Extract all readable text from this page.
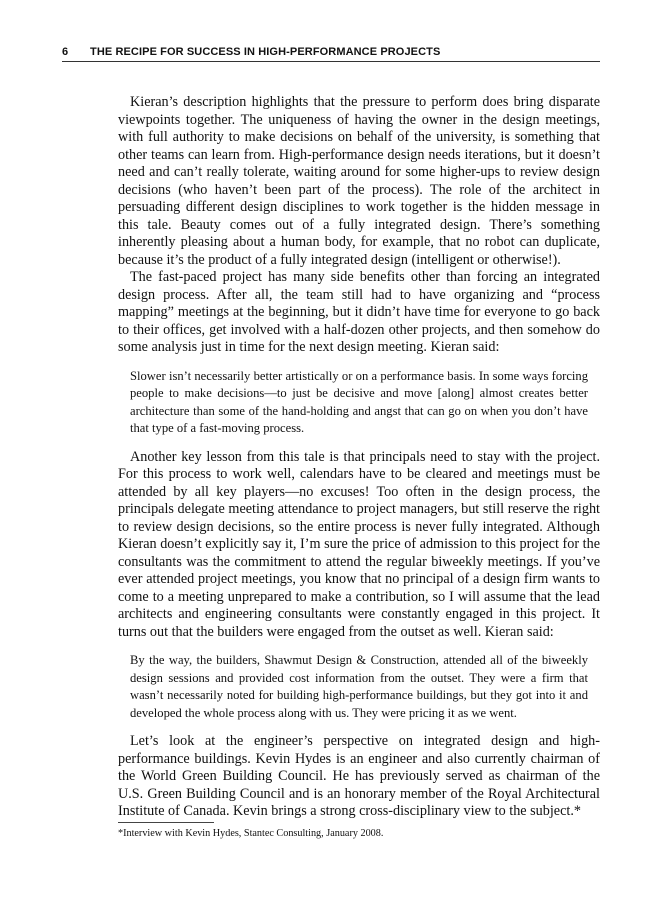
6 THE RECIPE FOR SUCCESS IN HIGH-PERFORMANCE PROJECTS

Kieran’s description highlights that the pressure to perform does bring disparate viewpoints together. The uniqueness of having the owner in the design meetings, with full authority to make decisions on behalf of the university, is something that other teams can learn from. High-performance design needs iterations, but it doesn’t need and can’t really tolerate, waiting around for some higher-ups to review design decisions (who haven’t been part of the process). The role of the architect in persuading different design disciplines to work together is the hidden message in this tale. Beauty comes out of a fully integrated design. There’s something inherently pleasing about a human body, for example, that no robot can duplicate, because it’s the product of a fully integrated design (intelligent or otherwise!).

The fast-paced project has many side benefits other than forcing an integrated design process. After all, the team still had to have organizing and “process mapping” meetings at the beginning, but it didn’t have time for everyone to go back to their offices, get involved with a half-dozen other projects, and then somehow do some analysis just in time for the next design meeting. Kieran said:

Slower isn’t necessarily better artistically or on a performance basis. In some ways forcing people to make decisions—to just be decisive and move [along] almost creates better architecture than some of the hand-holding and angst that can go on when you don’t have that type of a fast-moving process.

Another key lesson from this tale is that principals need to stay with the project. For this process to work well, calendars have to be cleared and meetings must be attended by all key players—no excuses! Too often in the design process, the principals delegate meeting attendance to project managers, but still reserve the right to review design decisions, so the entire process is never fully integrated. Although Kieran doesn’t explicitly say it, I’m sure the price of admission to this project for the consultants was the commitment to attend the regular biweekly meetings. If you’ve ever attended project meetings, you know that no principal of a design firm wants to come to a meeting unprepared to make a contribution, so I will assume that the lead architects and engineering consultants were constantly engaged in this project. It turns out that the builders were engaged from the outset as well. Kieran said:

By the way, the builders, Shawmut Design & Construction, attended all of the biweekly design sessions and provided cost information from the outset. They were a firm that wasn’t necessarily noted for building high-performance buildings, but they got into it and developed the whole process along with us. They were pricing it as we went.

Let’s look at the engineer’s perspective on integrated design and high-performance buildings. Kevin Hydes is an engineer and also currently chairman of the World Green Building Council. He has previously served as chairman of the U.S. Green Building Council and is an honorary member of the Royal Architectural Institute of Canada. Kevin brings a strong cross-disciplinary view to the subject.*

*Interview with Kevin Hydes, Stantec Consulting, January 2008.
